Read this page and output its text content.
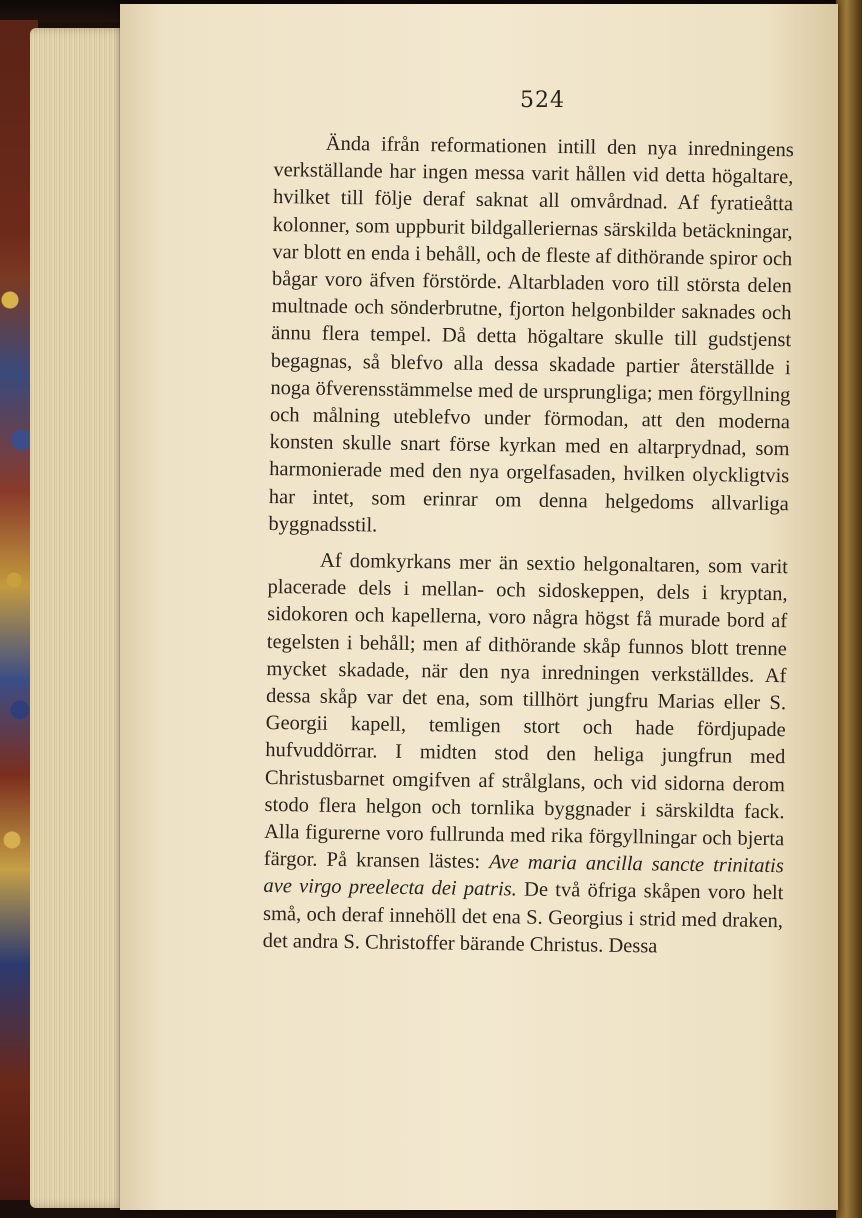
524

Ända ifrån reformationen intill den nya inredningens verkställande har ingen messa varit hållen vid detta högaltare, hvilket till följe deraf saknat all omvårdnad. Af fyratieåtta kolonner, som uppburit bildgalleriernas särskilda betäckningar, var blott en enda i behåll, och de fleste af dithörande spiror och bågar voro äfven förstörde. Altarbladen voro till största delen multnade och sönderbrutne, fjorton helgonbilder saknades och ännu flera tempel. Då detta högaltare skulle till gudstjenst begagnas, så blefvo alla dessa skadade partier återställde i noga öfverensstämmelse med de ursprungliga; men förgyllning och målning uteblefvo under förmodan, att den moderna konsten skulle snart förse kyrkan med en altarprydnad, som harmonierade med den nya orgelfasaden, hvilken olyckligtvis har intet, som erinrar om denna helgedoms allvarliga byggnadsstil.

Af domkyrkans mer än sextio helgonaltaren, som varit placerade dels i mellan- och sidoskeppen, dels i kryptan, sidokoren och kapellerna, voro några högst få murade bord af tegelsten i behåll; men af dithörande skåp funnos blott trenne mycket skadade, när den nya inredningen verkställdes. Af dessa skåp var det ena, som tillhört jungfru Marias eller S. Georgii kapell, temligen stort och hade fördjupade hufvuddörrar. I midten stod den heliga jungfrun med Christusbarnet omgifven af strålglans, och vid sidorna derom stodo flera helgon och tornlika byggnader i särskildta fack. Alla figurerne voro fullrunda med rika förgyllningar och bjerta färgor. På kransen lästes: Ave maria ancilla sancte trinitatis ave virgo preelecta dei patris. De två öfriga skåpen voro helt små, och deraf innehöll det ena S. Georgius i strid med draken, det andra S. Christoffer bärande Christus. Dessa
